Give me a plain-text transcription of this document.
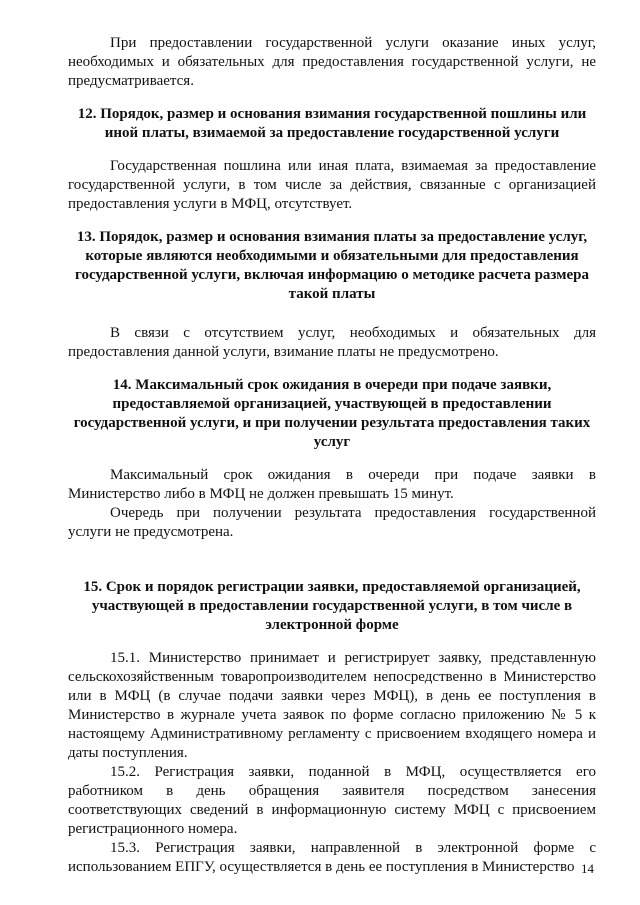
При предоставлении государственной услуги оказание иных услуг, необходимых и обязательных для предоставления государственной услуги, не предусматривается.

12. Порядок, размер и основания взимания государственной пошлины или иной платы, взимаемой за предоставление государственной услуги

Государственная пошлина или иная плата, взимаемая за предоставление государственной услуги, в том числе за действия, связанные с организацией предоставления услуги в МФЦ, отсутствует.

13. Порядок, размер и основания взимания платы за предоставление услуг, которые являются необходимыми и обязательными для предоставления государственной услуги, включая информацию о методике расчета размера такой платы

В связи с отсутствием услуг, необходимых и обязательных для предоставления данной услуги, взимание платы не предусмотрено.

14. Максимальный срок ожидания в очереди при подаче заявки, предоставляемой организацией, участвующей в предоставлении государственной услуги, и при получении результата предоставления таких услуг

Максимальный срок ожидания в очереди при подаче заявки в Министерство либо в МФЦ не должен превышать 15 минут.

Очередь при получении результата предоставления государственной услуги не предусмотрена.

15. Срок и порядок регистрации заявки, предоставляемой организацией, участвующей в предоставлении государственной услуги, в том числе в электронной форме

15.1. Министерство принимает и регистрирует заявку, представленную сельскохозяйственным товаропроизводителем непосредственно в Министерство или в МФЦ (в случае подачи заявки через МФЦ), в день ее поступления в Министерство в журнале учета заявок по форме согласно приложению № 5 к настоящему Административному регламенту с присвоением входящего номера и даты поступления.

15.2. Регистрация заявки, поданной в МФЦ, осуществляется его работником в день обращения заявителя посредством занесения соответствующих сведений в информационную систему МФЦ с присвоением регистрационного номера.

15.3. Регистрация заявки, направленной в электронной форме с использованием ЕПГУ, осуществляется в день ее поступления в Министерство 14
